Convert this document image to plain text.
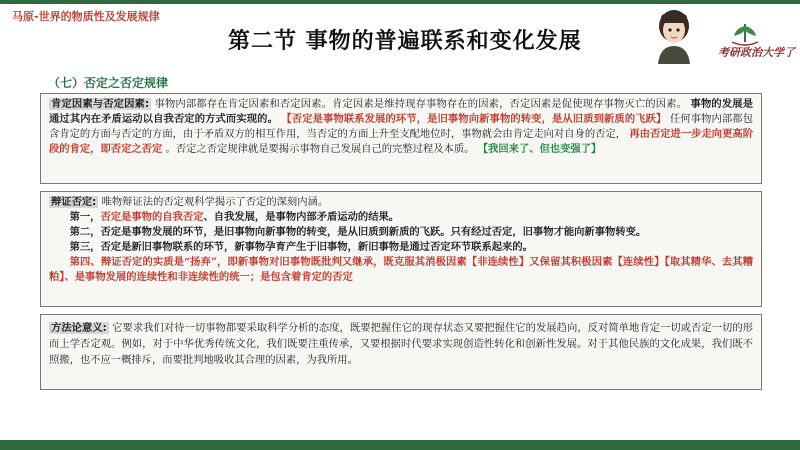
马原-世界的物质性及发展规律
第二节 事物的普遍联系和变化发展	考研政治大学了
（七）否定之否定规律

肯定因素与否定因素: 事物内部都存在肯定因素和否定因素。肯定因素是维持现存事物存在的因素，否定因素是促使现存事物灭亡的因素。 事物的发展是通过其内在矛盾运动以自我否定的方式而实现的。 【否定是事物联系发展的环节，是旧事物向新事物的转变，是从旧质到新质的飞跃】 任何事物内部都包含肯定的方面与否定的方面，由于矛盾双方的相互作用，当否定的方面上升至支配地位时，事物就会由肯定走向对自身的否定， 再由否定进一步走向更高阶段的肯定，即否定之否定 。否定之否定规律就是要揭示事物自己发展自己的完整过程及本质。 【我回来了、但也变强了】

辩证否定: 唯物辩证法的否定观科学揭示了否定的深刻内涵。

第一，否定是事物的自我否定、自我发展，是事物内部矛盾运动的结果。

第二，否定是事物发展的环节，是旧事物向新事物的转变，是从旧质到新质的飞跃。只有经过否定，旧事物才能向新事物转变。

第三，否定是新旧事物联系的环节，新事物孕育产生于旧事物，新旧事物是通过否定环节联系起来的。

第四、辩证否定的实质是“扬弃”，即新事物对旧事物既批判又继承，既克服其消极因素【非连续性】又保留其积极因素【连续性】【取其精华、去其糟粕】、是事物发展的连续性和非连续性的统一；是包含着肯定的否定

方法论意义: 它要求我们对待一切事物都要采取科学分析的态度，既要把握住它的现存状态又要把握住它的发展趋向，反对简单地肯定一切或否定一切的形而上学否定观。例如，对于中华优秀传统文化，我们既要注重传承，又要根据时代要求实现创造性转化和创新性发展。对于其他民族的文化成果，我们既不照搬，也不应一概排斥，而要批判地吸收其合理的因素，为我所用。
